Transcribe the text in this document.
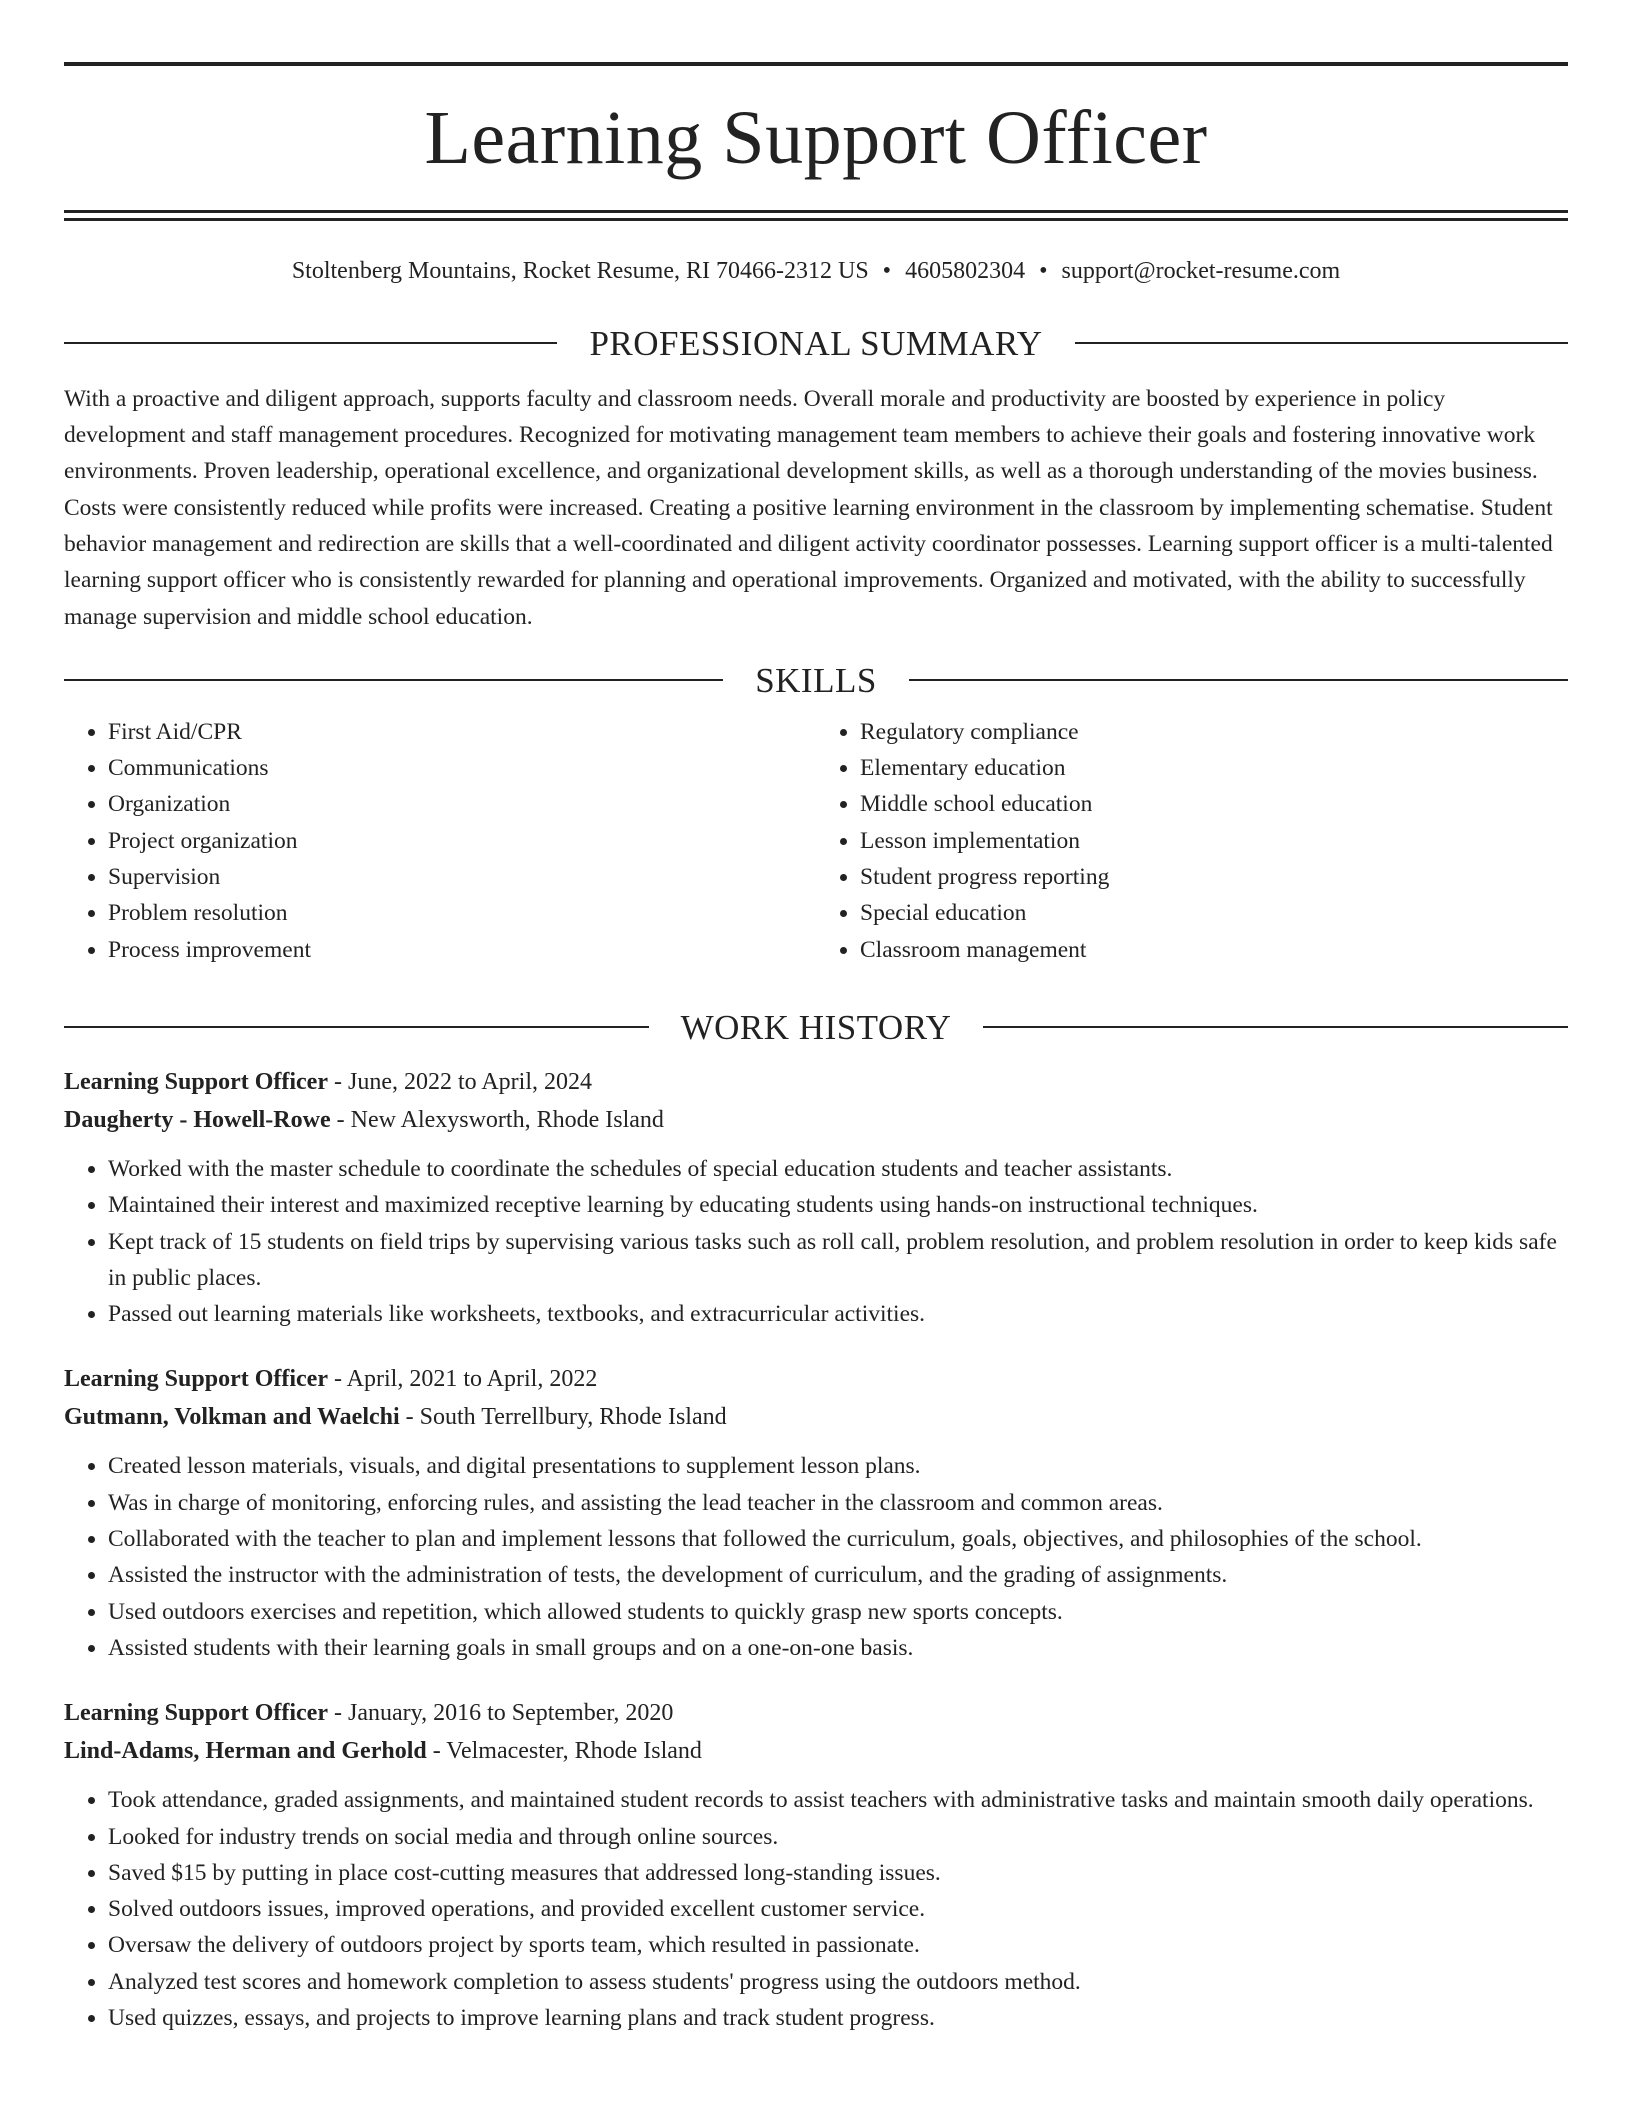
Learning Support Officer
Stoltenberg Mountains, Rocket Resume, RI 70466-2312 US • 4605802304 • support@rocket-resume.com
PROFESSIONAL SUMMARY

With a proactive and diligent approach, supports faculty and classroom needs. Overall morale and productivity are boosted by experience in policy development and staff management procedures. Recognized for motivating management team members to achieve their goals and fostering innovative work environments. Proven leadership, operational excellence, and organizational development skills, as well as a thorough understanding of the movies business. Costs were consistently reduced while profits were increased. Creating a positive learning environment in the classroom by implementing schematise. Student behavior management and redirection are skills that a well-coordinated and diligent activity coordinator possesses. Learning support officer is a multi-talented learning support officer who is consistently rewarded for planning and operational improvements. Organized and motivated, with the ability to successfully manage supervision and middle school education.

SKILLS
• First Aid/CPR
• Communications
• Organization
• Project organization
• Supervision
• Problem resolution
• Process improvement
• Regulatory compliance
• Elementary education
• Middle school education
• Lesson implementation
• Student progress reporting
• Special education
• Classroom management
WORK HISTORY
Learning Support Officer - June, 2022 to April, 2024
Daugherty - Howell-Rowe - New Alexysworth, Rhode Island
• Worked with the master schedule to coordinate the schedules of special education students and teacher assistants.
• Maintained their interest and maximized receptive learning by educating students using hands-on instructional techniques.
• Kept track of 15 students on field trips by supervising various tasks such as roll call, problem resolution, and problem resolution in order to keep kids safe in public places.
• Passed out learning materials like worksheets, textbooks, and extracurricular activities.
Learning Support Officer - April, 2021 to April, 2022
Gutmann, Volkman and Waelchi - South Terrellbury, Rhode Island
• Created lesson materials, visuals, and digital presentations to supplement lesson plans.
• Was in charge of monitoring, enforcing rules, and assisting the lead teacher in the classroom and common areas.
• Collaborated with the teacher to plan and implement lessons that followed the curriculum, goals, objectives, and philosophies of the school.
• Assisted the instructor with the administration of tests, the development of curriculum, and the grading of assignments.
• Used outdoors exercises and repetition, which allowed students to quickly grasp new sports concepts.
• Assisted students with their learning goals in small groups and on a one-on-one basis.
Learning Support Officer - January, 2016 to September, 2020
Lind-Adams, Herman and Gerhold - Velmacester, Rhode Island
• Took attendance, graded assignments, and maintained student records to assist teachers with administrative tasks and maintain smooth daily operations.
• Looked for industry trends on social media and through online sources.
• Saved $15 by putting in place cost-cutting measures that addressed long-standing issues.
• Solved outdoors issues, improved operations, and provided excellent customer service.
• Oversaw the delivery of outdoors project by sports team, which resulted in passionate.
• Analyzed test scores and homework completion to assess students' progress using the outdoors method.
• Used quizzes, essays, and projects to improve learning plans and track student progress.
